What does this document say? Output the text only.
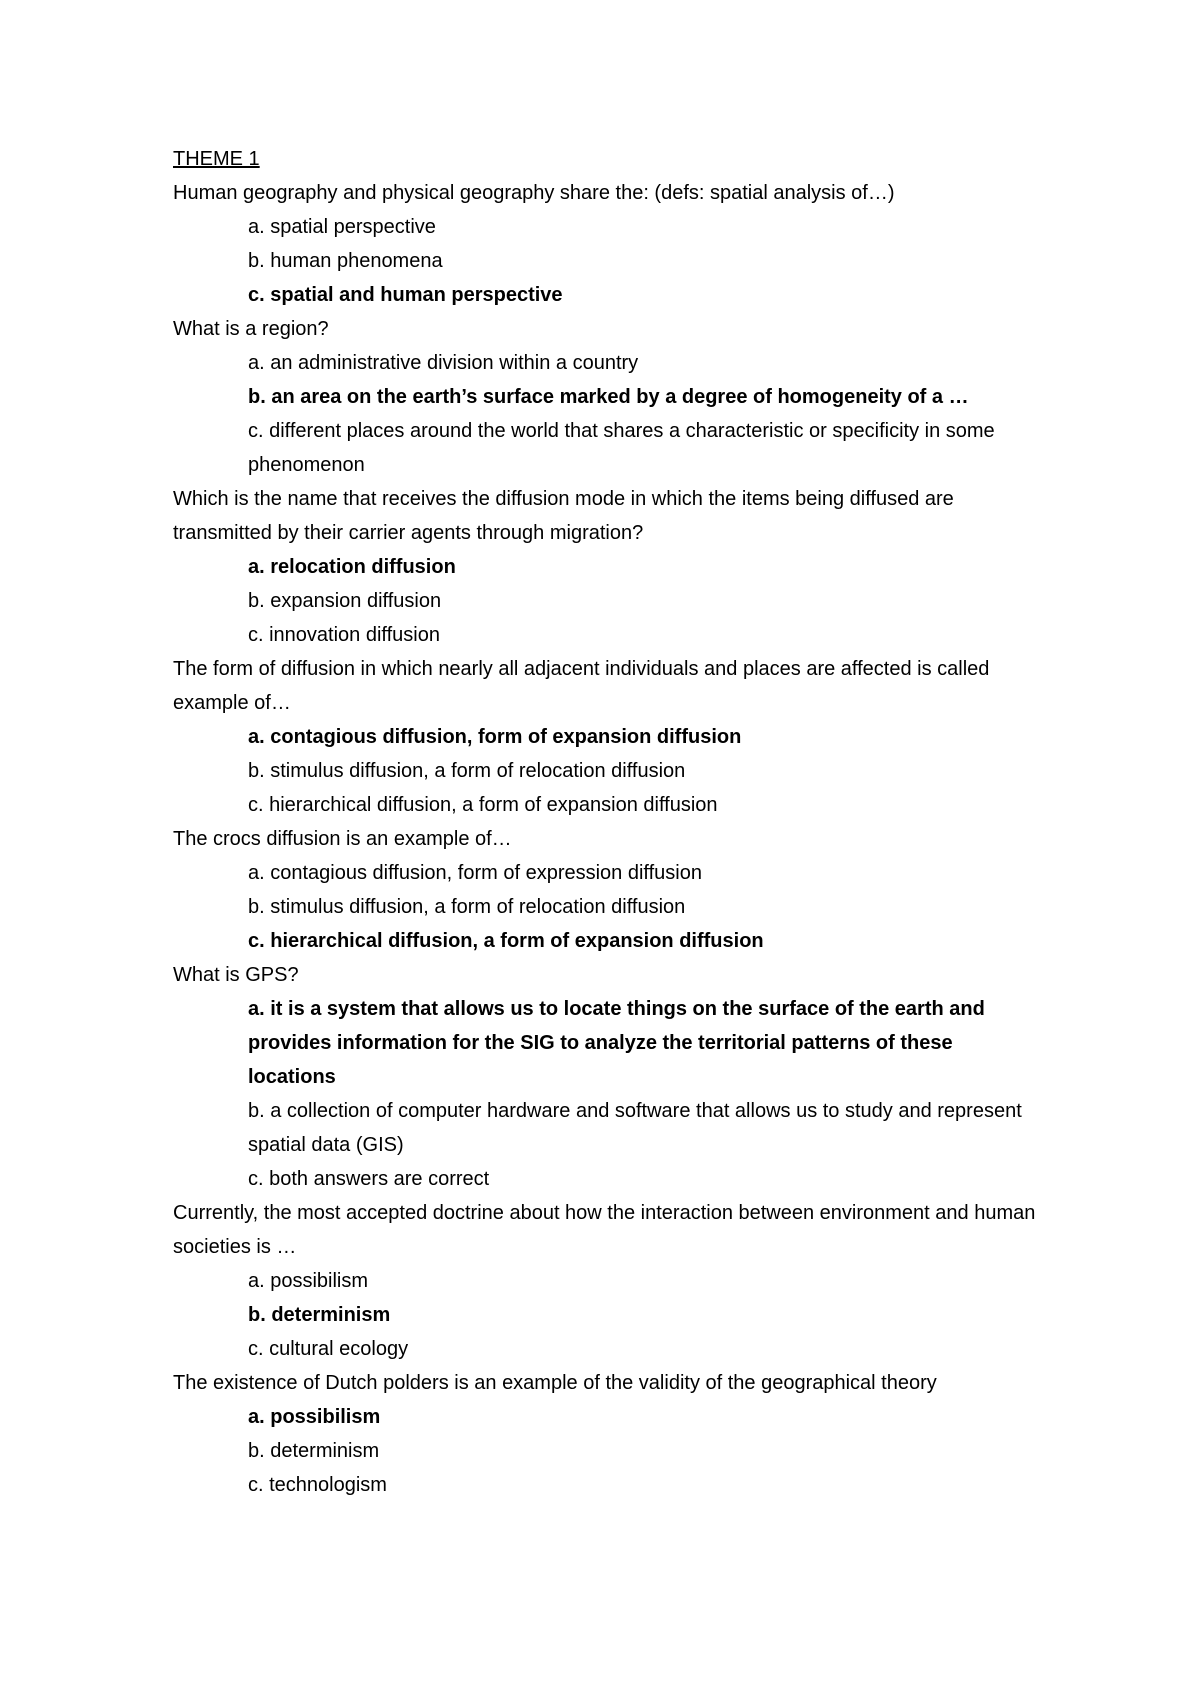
THEME 1

Human geography and physical geography share the: (defs: spatial analysis of…)

a. spatial perspective
b. human phenomena
c. spatial and human perspective

What is a region?

a. an administrative division within a country
b. an area on the earth’s surface marked by a degree of homogeneity of a …
c. different places around the world that shares a characteristic or specificity in some phenomenon

Which is the name that receives the diffusion mode in which the items being diffused are transmitted by their carrier agents through migration?

a. relocation diffusion
b. expansion diffusion
c. innovation diffusion

The form of diffusion in which nearly all adjacent individuals and places are affected is called example of…

a. contagious diffusion, form of expansion diffusion
b. stimulus diffusion, a form of relocation diffusion
c. hierarchical diffusion, a form of expansion diffusion

The crocs diffusion is an example of…

a. contagious diffusion, form of expression diffusion
b. stimulus diffusion, a form of relocation diffusion
c. hierarchical diffusion, a form of expansion diffusion

What is GPS?

a. it is a system that allows us to locate things on the surface of the earth and provides information for the SIG to analyze the territorial patterns of these locations
b. a collection of computer hardware and software that allows us to study and represent spatial data (GIS)
c. both answers are correct

Currently, the most accepted doctrine about how the interaction between environment and human societies is …

a. possibilism
b. determinism
c. cultural ecology

The existence of Dutch polders is an example of the validity of the geographical theory

a. possibilism
b. determinism
c. technologism
